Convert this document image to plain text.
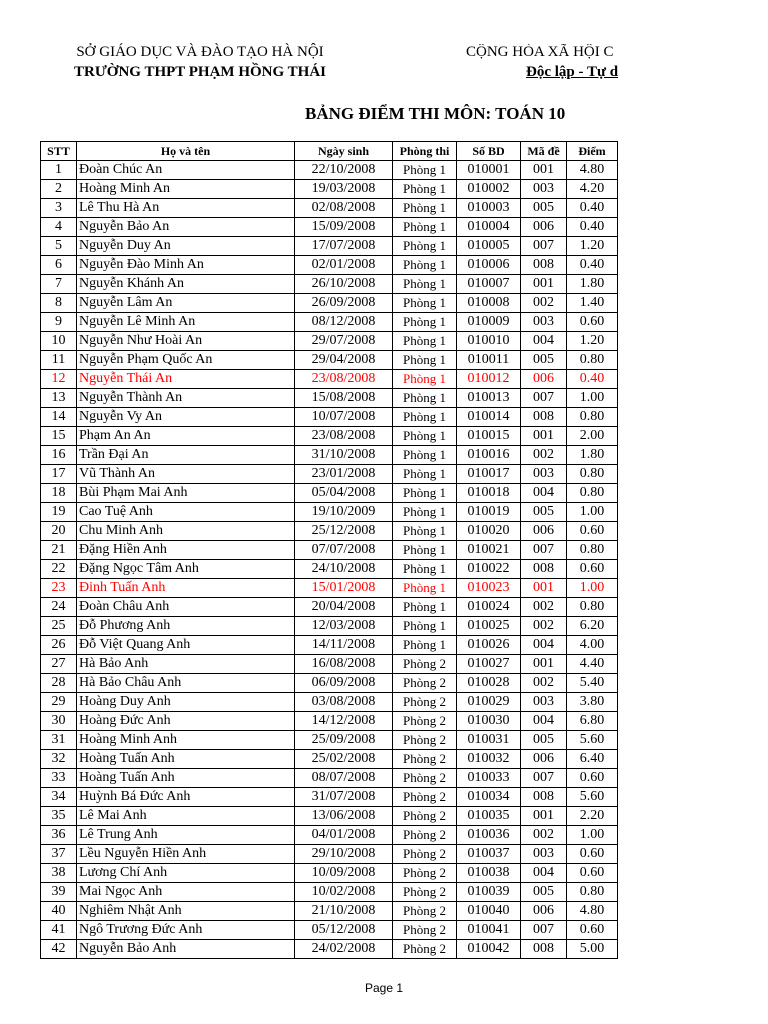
SỞ GIÁO DỤC VÀ ĐÀO TẠO HÀ NỘI
TRƯỜNG THPT PHẠM HỒNG THÁI
CỘNG HÒA XÃ HỘI C
Độc lập - Tự d
BẢNG ĐIỂM THI MÔN: TOÁN 10
STT	Họ và tên	Ngày sinh	Phòng thi	Số BD	Mã đề	Điểm
1	Đoàn Chúc An	22/10/2008	Phòng 1	010001	001	4.80
2	Hoàng Minh An	19/03/2008	Phòng 1	010002	003	4.20
3	Lê Thu Hà An	02/08/2008	Phòng 1	010003	005	0.40
4	Nguyễn Bảo An	15/09/2008	Phòng 1	010004	006	0.40
5	Nguyễn Duy An	17/07/2008	Phòng 1	010005	007	1.20
6	Nguyễn Đào Minh An	02/01/2008	Phòng 1	010006	008	0.40
7	Nguyễn Khánh An	26/10/2008	Phòng 1	010007	001	1.80
8	Nguyễn Lâm An	26/09/2008	Phòng 1	010008	002	1.40
9	Nguyễn Lê Minh An	08/12/2008	Phòng 1	010009	003	0.60
10	Nguyễn Như Hoài An	29/07/2008	Phòng 1	010010	004	1.20
11	Nguyễn Phạm Quốc An	29/04/2008	Phòng 1	010011	005	0.80
12	Nguyễn Thái An	23/08/2008	Phòng 1	010012	006	0.40
13	Nguyễn Thành An	15/08/2008	Phòng 1	010013	007	1.00
14	Nguyễn Vy An	10/07/2008	Phòng 1	010014	008	0.80
15	Phạm An An	23/08/2008	Phòng 1	010015	001	2.00
16	Trần Đại An	31/10/2008	Phòng 1	010016	002	1.80
17	Vũ Thành An	23/01/2008	Phòng 1	010017	003	0.80
18	Bùi Phạm Mai Anh	05/04/2008	Phòng 1	010018	004	0.80
19	Cao Tuệ Anh	19/10/2009	Phòng 1	010019	005	1.00
20	Chu Minh Anh	25/12/2008	Phòng 1	010020	006	0.60
21	Đặng Hiền Anh	07/07/2008	Phòng 1	010021	007	0.80
22	Đặng Ngọc Tâm Anh	24/10/2008	Phòng 1	010022	008	0.60
23	Đinh Tuấn Anh	15/01/2008	Phòng 1	010023	001	1.00
24	Đoàn Châu Anh	20/04/2008	Phòng 1	010024	002	0.80
25	Đỗ Phương Anh	12/03/2008	Phòng 1	010025	002	6.20
26	Đỗ Việt Quang Anh	14/11/2008	Phòng 1	010026	004	4.00
27	Hà Bảo Anh	16/08/2008	Phòng 2	010027	001	4.40
28	Hà Bảo Châu Anh	06/09/2008	Phòng 2	010028	002	5.40
29	Hoàng Duy Anh	03/08/2008	Phòng 2	010029	003	3.80
30	Hoàng Đức Anh	14/12/2008	Phòng 2	010030	004	6.80
31	Hoàng Minh Anh	25/09/2008	Phòng 2	010031	005	5.60
32	Hoàng Tuấn Anh	25/02/2008	Phòng 2	010032	006	6.40
33	Hoàng Tuấn Anh	08/07/2008	Phòng 2	010033	007	0.60
34	Huỳnh Bá Đức Anh	31/07/2008	Phòng 2	010034	008	5.60
35	Lê Mai Anh	13/06/2008	Phòng 2	010035	001	2.20
36	Lê Trung Anh	04/01/2008	Phòng 2	010036	002	1.00
37	Lều Nguyễn Hiền Anh	29/10/2008	Phòng 2	010037	003	0.60
38	Lương Chí Anh	10/09/2008	Phòng 2	010038	004	0.60
39	Mai Ngọc Anh	10/02/2008	Phòng 2	010039	005	0.80
40	Nghiêm Nhật Anh	21/10/2008	Phòng 2	010040	006	4.80
41	Ngô Trương Đức Anh	05/12/2008	Phòng 2	010041	007	0.60
42	Nguyễn Bảo Anh	24/02/2008	Phòng 2	010042	008	5.00
Page 1
